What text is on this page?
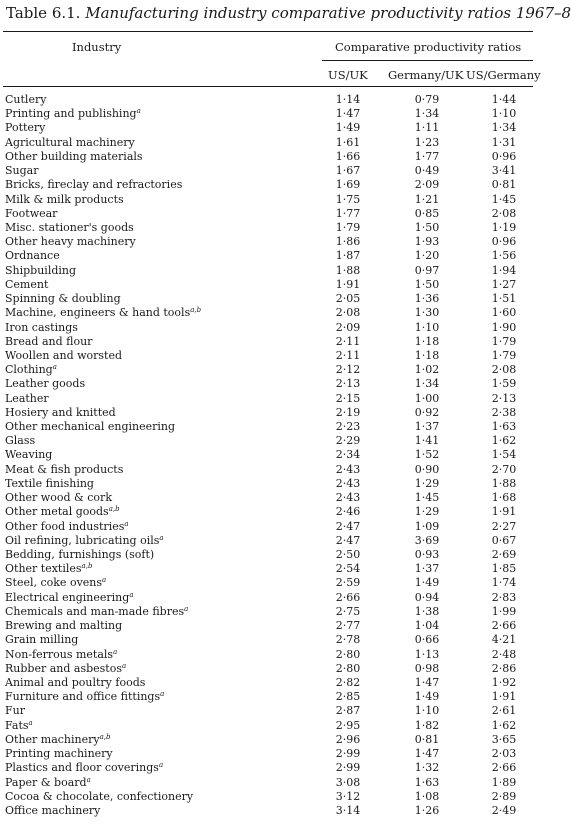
Table 6.1. Manufacturing industry comparative productivity ratios 1967–8
Industry	Comparative productivity ratios
US/UK Germany/UK US/Germany
Cutlery	1·14	0·79	1·44
Printing and publishing$^a$	1·47	1·34	1·10
Pottery	1·49	1·11	1·34
Agricultural machinery	1·61	1·23	1·31
Other building materials	1·66	1·77	0·96
Sugar	1·67	0·49	3·41
Bricks, fireclay and refractories	1·69	2·09	0·81
Milk & milk products	1·75	1·21	1·45
Footwear	1·77	0·85	2·08
Misc. stationer's goods	1·79	1·50	1·19
Other heavy machinery	1·86	1·93	0·96
Ordnance	1·87	1·20	1·56
Shipbuilding	1·88	0·97	1·94
Cement	1·91	1·50	1·27
Spinning & doubling	2·05	1·36	1·51
Machine, engineers & hand tools$^{a,b}$	2·08	1·30	1·60
Iron castings	2·09	1·10	1·90
Bread and flour	2·11	1·18	1·79
Woollen and worsted	2·11	1·18	1·79
Clothing$^a$	2·12	1·02	2·08
Leather goods	2·13	1·34	1·59
Leather	2·15	1·00	2·13
Hosiery and knitted	2·19	0·92	2·38
Other mechanical engineering	2·23	1·37	1·63
Glass	2·29	1·41	1·62
Weaving	2·34	1·52	1·54
Meat & fish products	2·43	0·90	2·70
Textile finishing	2·43	1·29	1·88
Other wood & cork	2·43	1·45	1·68
Other metal goods$^{a,b}$	2·46	1·29	1·91
Other food industries$^a$	2·47	1·09	2·27
Oil refining, lubricating oils$^a$	2·47	3·69	0·67
Bedding, furnishings (soft)	2·50	0·93	2·69
Other textiles$^{a,b}$	2·54	1·37	1·85
Steel, coke ovens$^a$	2·59	1·49	1·74
Electrical engineering$^a$	2·66	0·94	2·83
Chemicals and man-made fibres$^a$	2·75	1·38	1·99
Brewing and malting	2·77	1·04	2·66
Grain milling	2·78	0·66	4·21
Non-ferrous metals$^a$	2·80	1·13	2·48
Rubber and asbestos$^a$	2·80	0·98	2·86
Animal and poultry foods	2·82	1·47	1·92
Furniture and office fittings$^a$	2·85	1·49	1·91
Fur	2·87	1·10	2·61
Fats$^a$	2·95	1·82	1·62
Other machinery$^{a,b}$	2·96	0·81	3·65
Printing machinery	2·99	1·47	2·03
Plastics and floor coverings$^a$	2·99	1·32	2·66
Paper & board$^a$	3·08	1·63	1·89
Cocoa & chocolate, confectionery	3·12	1·08	2·89
Office machinery	3·14	1·26	2·49
